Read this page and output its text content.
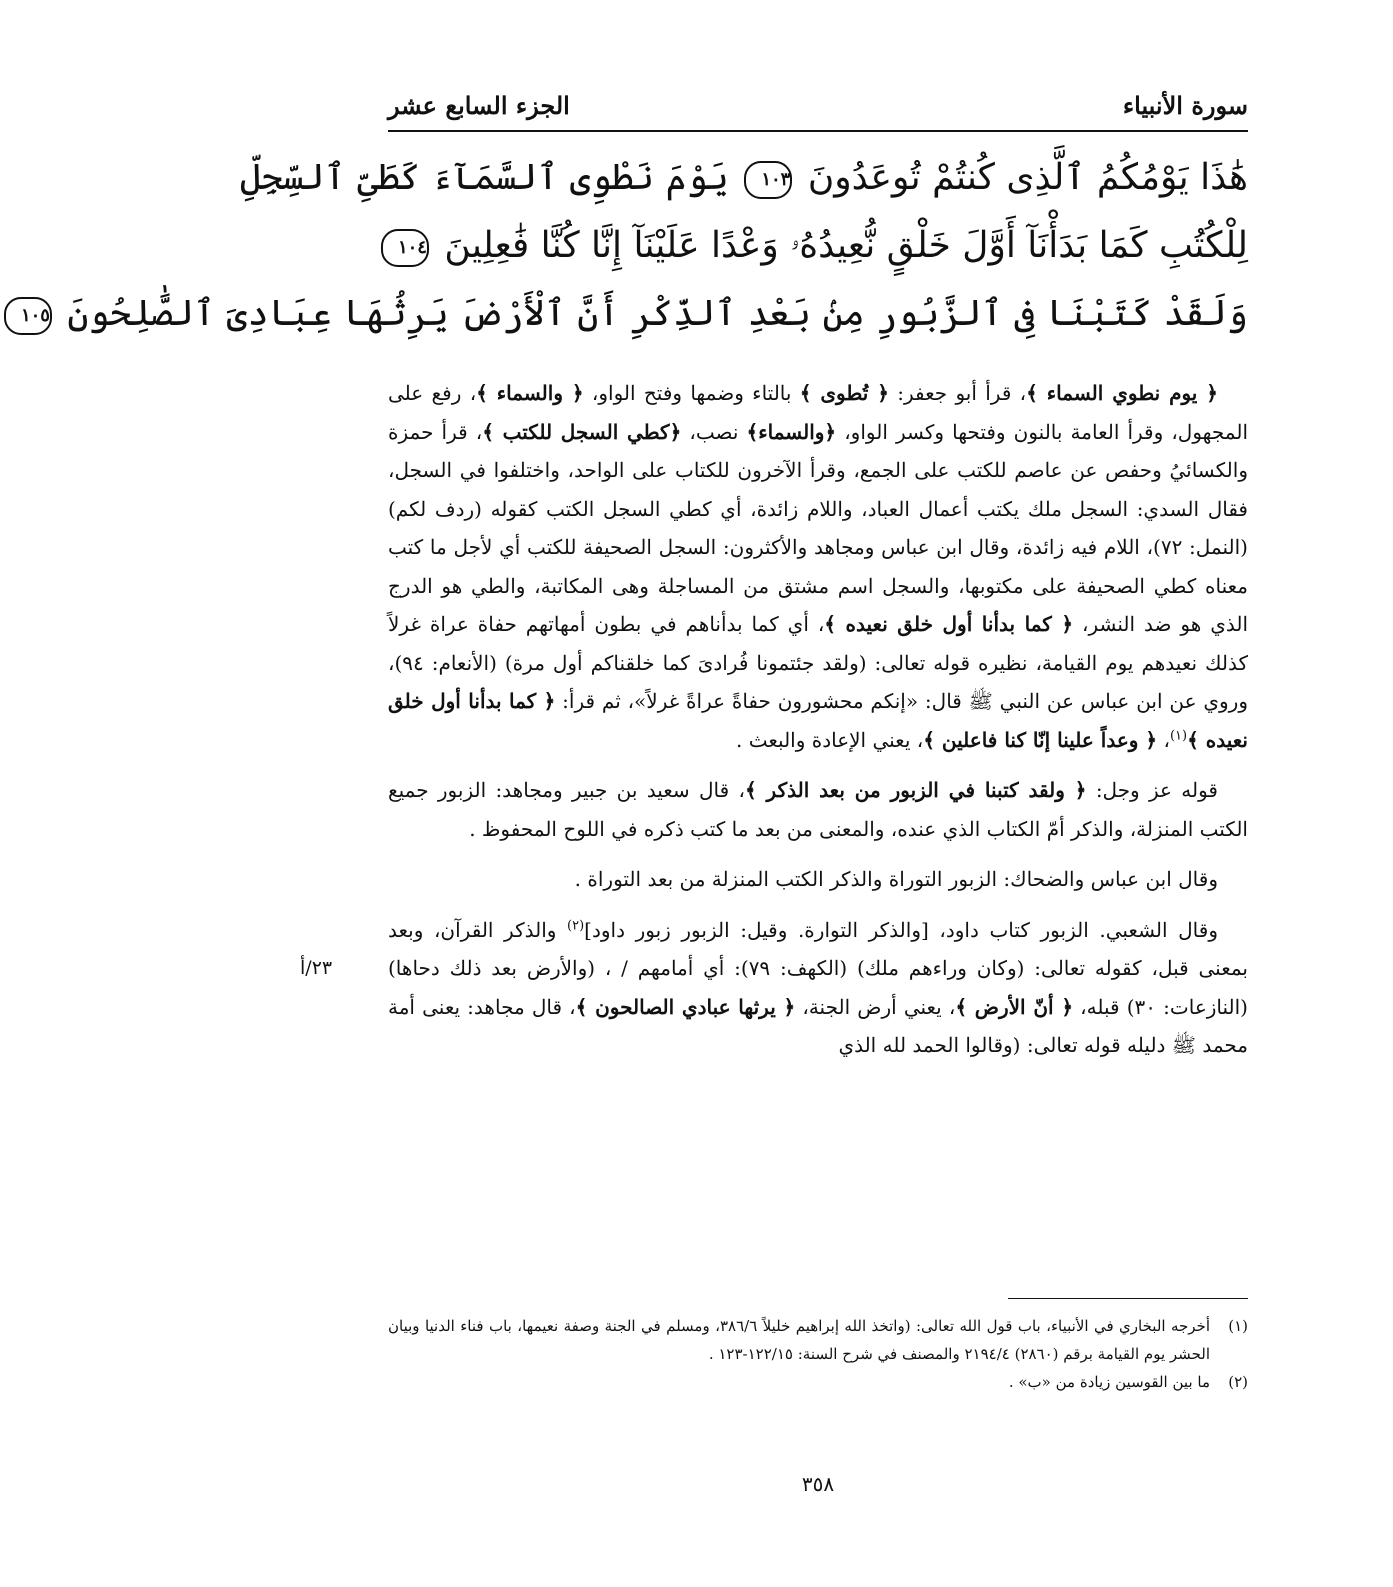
سورة الأنبياء
الجزء السابع عشر
هَٰذَا يَوْمُكُمُ ٱلَّذِى كُنتُمْ تُوعَدُونَ ١٠٣ يَوْمَ نَطْوِى ٱلسَّمَآءَ كَطَىِّ ٱلسِّجِلِّ
لِلْكُتُبِ كَمَا بَدَأْنَآ أَوَّلَ خَلْقٍ نُّعِيدُهُۥ وَعْدًا عَلَيْنَآ إِنَّا كُنَّا فَٰعِلِينَ ١٠٤
وَلَقَدْ كَتَبْنَا فِى ٱلزَّبُورِ مِنۢ بَعْدِ ٱلذِّكْرِ أَنَّ ٱلْأَرْضَ يَرِثُهَا عِبَادِىَ ٱلصَّٰلِحُونَ ١٠٥

﴿ يوم نطوي السماء ﴾، قرأ أبو جعفر: ﴿ تُطوى ﴾ بالتاء وضمها وفتح الواو، ﴿ والسماء ﴾، رفع على المجهول، وقرأ العامة بالنون وفتحها وكسر الواو، ﴿والسماء﴾ نصب، ﴿كطي السجل للكتب ﴾، قرأ حمزة والكسائيُ وحفص عن عاصم للكتب على الجمع، وقرأ الآخرون للكتاب على الواحد، واختلفوا في السجل، فقال السدي: السجل ملك يكتب أعمال العباد، واللام زائدة، أي كطي السجل الكتب كقوله (ردف لكم) (النمل: ٧٢)، اللام فيه زائدة، وقال ابن عباس ومجاهد والأكثرون: السجل الصحيفة للكتب أي لأجل ما كتب معناه كطي الصحيفة على مكتوبها، والسجل اسم مشتق من المساجلة وهى المكاتبة، والطي هو الدرج الذي هو ضد النشر، ﴿ كما بدأنا أول خلق نعيده ﴾، أي كما بدأناهم في بطون أمهاتهم حفاة عراة غرلاً كذلك نعيدهم يوم القيامة، نظيره قوله تعالى: (ولقد جئتمونا فُرادىَ كما خلقناكم أول مرة) (الأنعام: ٩٤)، وروي عن ابن عباس عن النبي ﷺ قال: «إنكم محشورون حفاةً عراةً غرلاً»، ثم قرأ: ﴿ كما بدأنا أول خلق نعيده ﴾$^{(١)}$، ﴿ وعداً علينا إنّا كنا فاعلين ﴾، يعني الإعادة والبعث .

قوله عز وجل: ﴿ ولقد كتبنا في الزبور من بعد الذكر ﴾، قال سعيد بن جبير ومجاهد: الزبور جميع الكتب المنزلة، والذكر أمّ الكتاب الذي عنده، والمعنى من بعد ما كتب ذكره في اللوح المحفوظ .

وقال ابن عباس والضحاك: الزبور التوراة والذكر الكتب المنزلة من بعد التوراة .

٢٣/أ
وقال الشعبي. الزبور كتاب داود، [والذكر التوارة. وقيل: الزبور زبور داود]$^{(٢)}$ والذكر القرآن، وبعد بمعنى قبل، كقوله تعالى: (وكان وراءهم ملك) (الكهف: ٧٩): أي أمامهم / ، (والأرض بعد ذلك دحاها) (النازعات: ٣٠) قبله، ﴿ أنّ الأرض ﴾، يعني أرض الجنة، ﴿ يرثها عبادي الصالحون ﴾، قال مجاهد: يعنى أمة محمد ﷺ دليله قوله تعالى: (وقالوا الحمد لله الذي

(١)
أخرجه البخاري في الأنبياء، باب قول الله تعالى: (واتخذ الله إبراهيم خليلاً ٣٨٦/٦، ومسلم في الجنة وصفة نعيمها، باب فناء الدنيا وبيان الحشر يوم القيامة برقم (٢٨٦٠) ٢١٩٤/٤ والمصنف في شرح السنة: ١٢٢/١٥-١٢٣ .
(٢)
ما بين القوسين زيادة من «ب» .
٣٥٨
